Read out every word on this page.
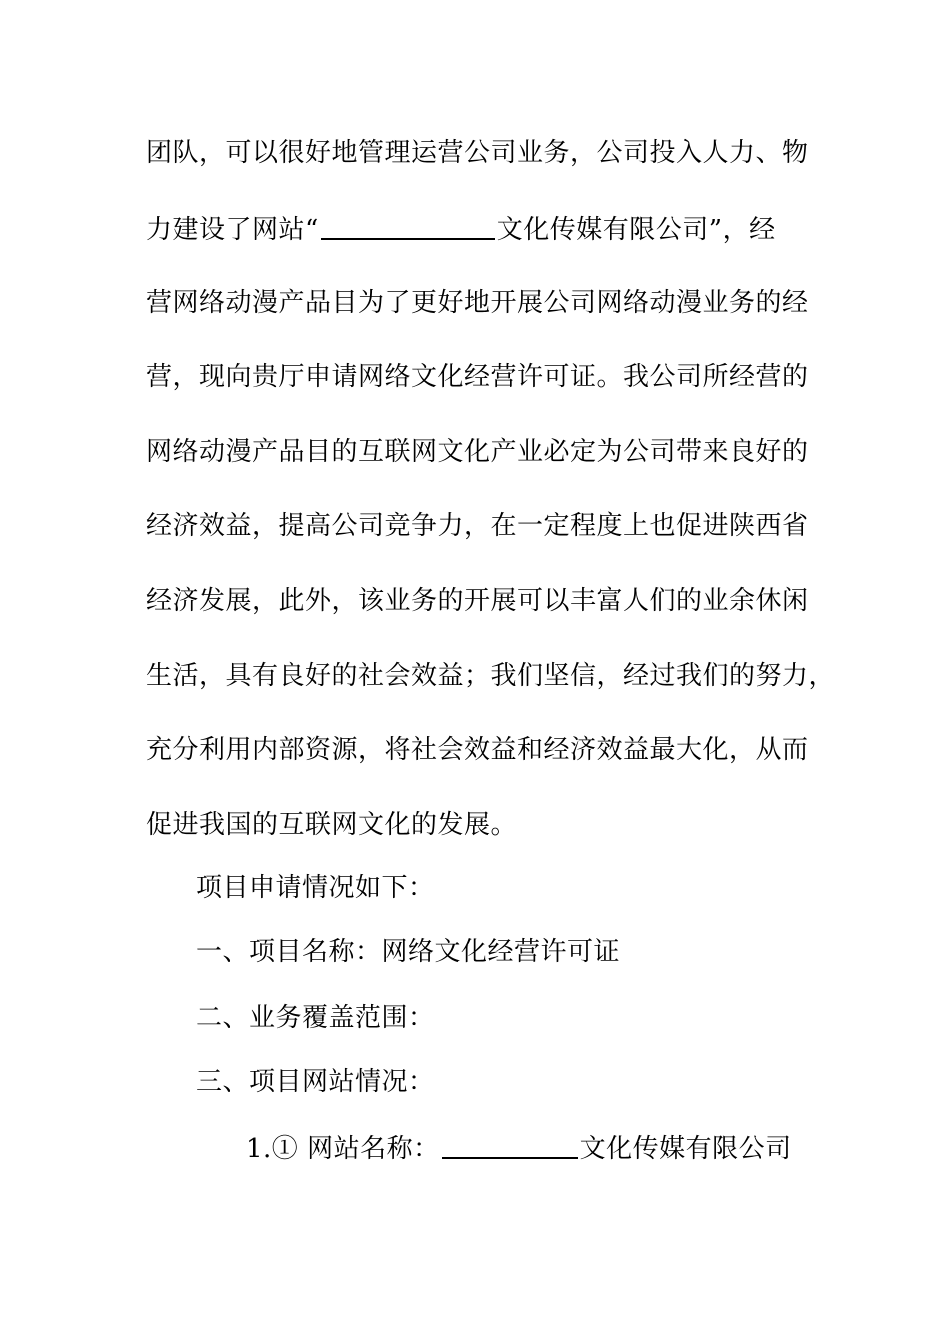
团队，可以很好地管理运营公司业务，公司投入人力、物
力建设了网站“	文化传媒有限公司”，经
营网络动漫产品目为了更好地开展公司网络动漫业务的经
营，现向贵厅申请网络文化经营许可证。我公司所经营的
网络动漫产品目的互联网文化产业必定为公司带来良好的
经济效益，提高公司竞争力，在一定程度上也促进陕西省
经济发展，此外，该业务的开展可以丰富人们的业余休闲
生活，具有良好的社会效益；我们坚信，经过我们的努力，
充分利用内部资源，将社会效益和经济效益最大化，从而
促进我国的互联网文化的发展。
项目申请情况如下：
一、项目名称：网络文化经营许可证
二、业务覆盖范围：
三、项目网站情况：
1.① 网站名称：	文化传媒有限公司
